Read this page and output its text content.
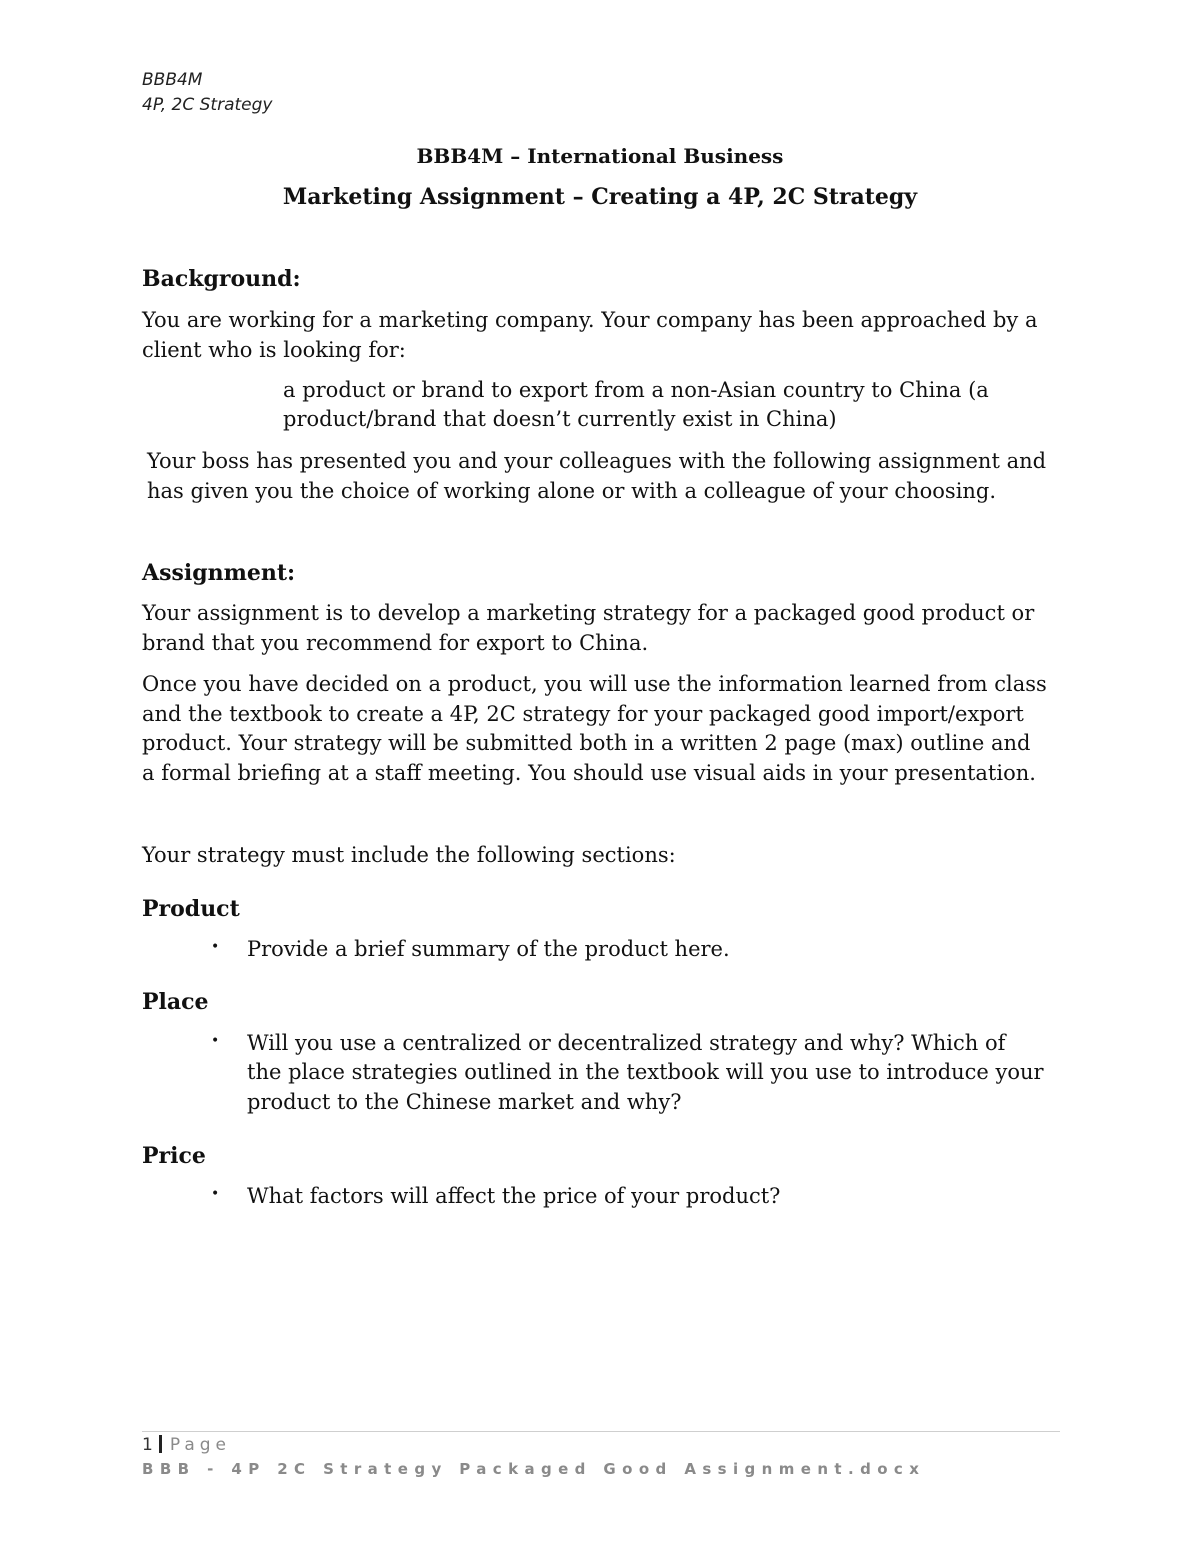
BBB4M
4P, 2C Strategy
BBB4M – International Business
Marketing Assignment – Creating a 4P, 2C Strategy
Background:
You are working for a marketing company. Your company has been approached by a
client who is looking for:
a product or brand to export from a non-Asian country to China (a
product/brand that doesn’t currently exist in China)
Your boss has presented you and your colleagues with the following assignment and
has given you the choice of working alone or with a colleague of your choosing.
Assignment:
Your assignment is to develop a marketing strategy for a packaged good product or
brand that you recommend for export to China.
Once you have decided on a product, you will use the information learned from class
and the textbook to create a 4P, 2C strategy for your packaged good import/export
product. Your strategy will be submitted both in a written 2 page (max) outline and
a formal briefing at a staff meeting. You should use visual aids in your presentation.
Your strategy must include the following sections:
Product
• Provide a brief summary of the product here.
Place
• Will you use a centralized or decentralized strategy and why? Which of
the place strategies outlined in the textbook will you use to introduce your
product to the Chinese market and why?
Price
• What factors will affect the price of your product?
1 Page
BBB - 4P 2C Strategy Packaged Good Assignment.docx
